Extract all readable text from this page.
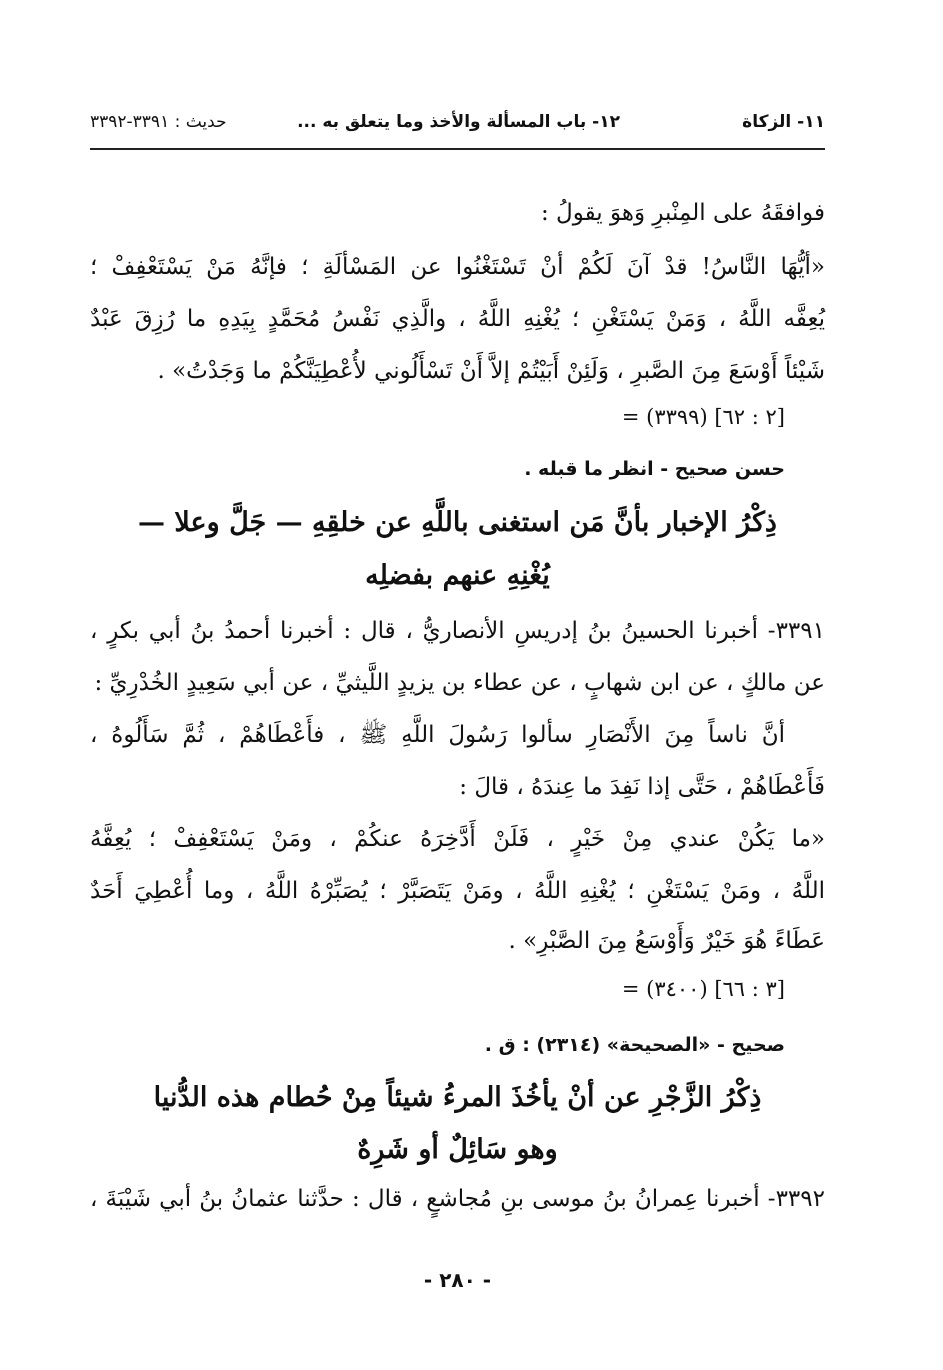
١١- الزكاة
١٢- باب المسألة والأخذ وما يتعلق به ...
حديث : ٣٣٩١-٣٣٩٢
فوافقَهُ على المِنْبرِ وَهوَ يقولُ :
«أيُّهَا النَّاسُ! قدْ آنَ لَكُمْ أنْ تَسْتَغْنُوا عن المَسْألَةِ ؛ فإنَّهُ مَنْ يَسْتَعْفِفْ ؛
يُعِفَّه اللَّهُ ، وَمَنْ يَسْتَغْنِ ؛ يُغْنِهِ اللَّهُ ، والَّذِي نَفْسُ مُحَمَّدٍ بِيَدِهِ ما رُزِقَ عَبْدٌ
شَيْئاً أَوْسَعَ مِنَ الصَّبرِ ، وَلَئِنْ أَبَيْتُمْ إلاَّ أَنْ تَسْأَلُوني لأُعْطِيَنَّكُمْ ما وَجَدْتُ» .
= (٣٣٩٩) [٢ : ٦٢]
حسن صحيح - انظر ما قبله .
ذِكْرُ الإخبار بأنَّ مَن استغنى باللَّهِ عن خلقِهِ — جَلَّ وعلا —
يُغْنِهِ عنهم بفضلِه
٣٣٩١- أخبرنا الحسينُ بنُ إدريسِ الأنصاريُّ ، قال : أخبرنا أحمدُ بنُ أبي بكرٍ ،
عن مالكٍ ، عن ابن شهابٍ ، عن عطاء بن يزيدٍ اللَّيثيِّ ، عن أبي سَعِيدٍ الخُدْرِيِّ :
أنَّ ناساً مِنَ الأَنْصَارِ سألوا رَسُولَ اللَّهِ ﷺ ، فأَعْطَاهُمْ ، ثُمَّ سَأَلُوهُ ،
فَأَعْطَاهُمْ ، حَتَّى إذا نَفِدَ ما عِندَهُ ، قالَ :
«ما يَكُنْ عندي مِنْ خَيْرٍ ، فَلَنْ أَدَّخِرَهُ عنكُمْ ، ومَنْ يَسْتَعْفِفْ ؛ يُعِفَّهُ
اللَّهُ ، ومَنْ يَسْتَغْنِ ؛ يُغْنِهِ اللَّهُ ، ومَنْ يَتَصَبَّرْ ؛ يُصَبِّرْهُ اللَّهُ ، وما أُعْطِيَ أَحَدٌ
عَطَاءً هُوَ خَيْرٌ وَأَوْسَعُ مِنَ الصَّبْرِ» .
= (٣٤٠٠) [٣ : ٦٦]
صحيح - «الصحيحة» (٢٣١٤) : ق .
ذِكْرُ الزَّجْرِ عن أنْ يأخُذَ المرءُ شيئاً مِنْ حُطام هذه الدُّنيا
وهو سَائِلٌ أو شَرِهٌ
٣٣٩٢- أخبرنا عِمرانُ بنُ موسى بنِ مُجاشعٍ ، قال : حدَّثنا عثمانُ بنُ أبي شَيْبَةَ ،
- ٢٨٠ -
